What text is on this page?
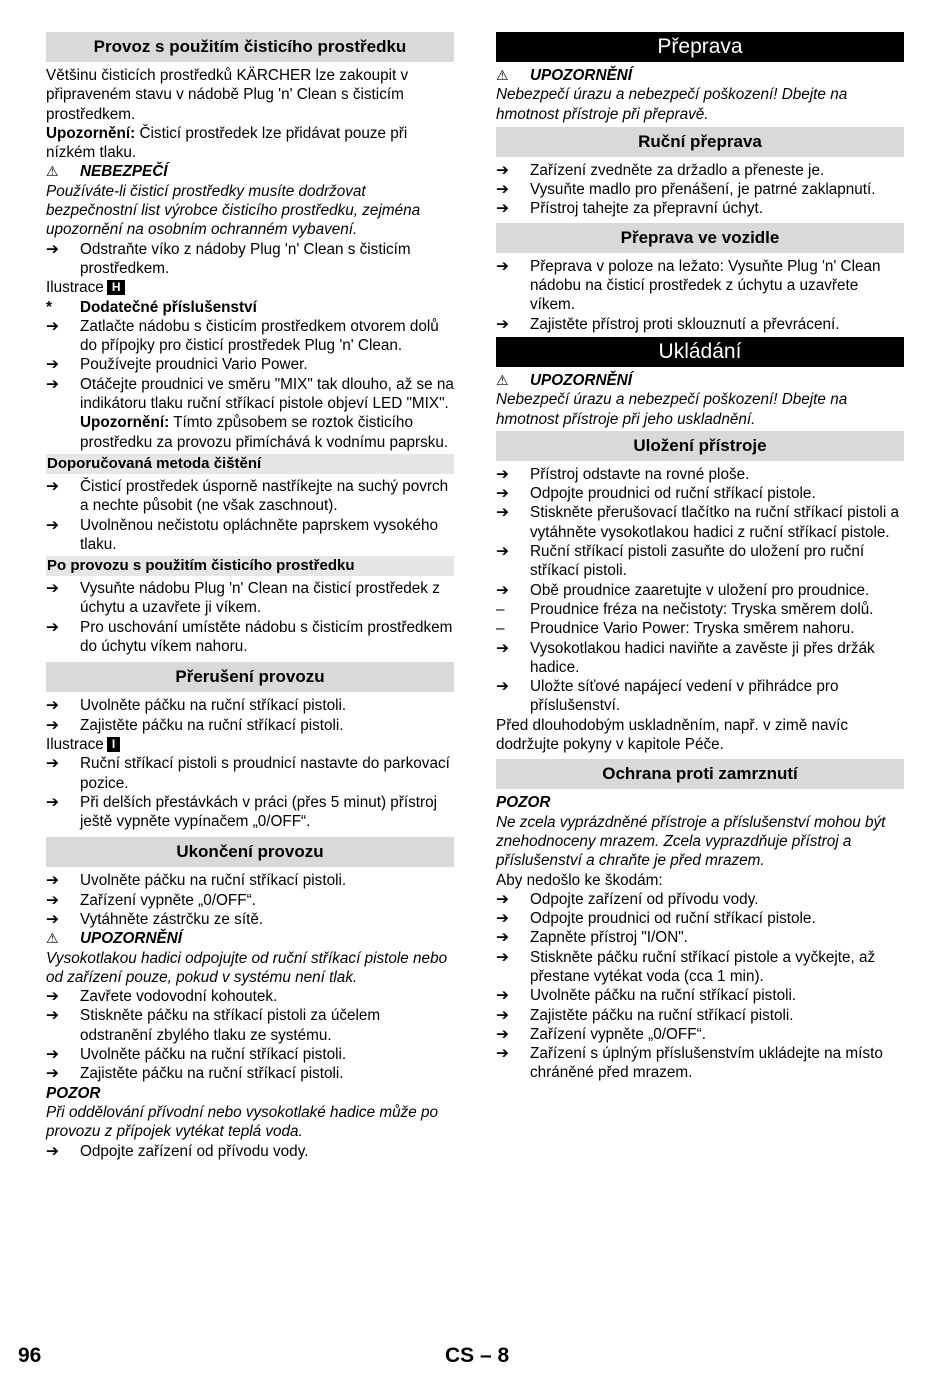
Provoz s použitím čisticího prostředku

Většinu čisticích prostředků KÄRCHER lze zakoupit v připraveném stavu v nádobě Plug 'n' Clean s čisticím prostředkem.

Upozornění: Čisticí prostředek lze přidávat pouze při nízkém tlaku.

⚠	NEBEZPEČÍ

Používáte-li čisticí prostředky musíte dodržovat bezpečnostní list výrobce čisticího prostředku, zejména upozornění na osobním ochranném vybavení.

➔	Odstraňte víko z nádoby Plug 'n' Clean s čisticím prostředkem.

Ilustrace H

*	Dodatečné příslušenství
➔	Zatlačte nádobu s čisticím prostředkem otvorem dolů do přípojky pro čisticí prostředek Plug 'n' Clean.
➔	Používejte proudnici Vario Power.
➔	Otáčejte proudnici ve směru "MIX" tak dlouho, až se na indikátoru tlaku ruční stříkací pistole objeví LED "MIX".

Upozornění: Tímto způsobem se roztok čisticího prostředku za provozu přimíchává k vodnímu paprsku.

Doporučovaná metoda čištění
➔	Čisticí prostředek úsporně nastříkejte na suchý povrch a nechte působit (ne však zaschnout).
➔	Uvolněnou nečistotu opláchněte paprskem vysokého tlaku.
Po provozu s použitím čisticího prostředku
➔	Vysuňte nádobu Plug 'n' Clean na čisticí prostředek z úchytu a uzavřete ji víkem.
➔	Pro uschování umístěte nádobu s čisticím prostředkem do úchytu víkem nahoru.
Přerušení provozu
➔	Uvolněte páčku na ruční stříkací pistoli.
➔	Zajistěte páčku na ruční stříkací pistoli.

Ilustrace I

➔	Ruční stříkací pistoli s proudnicí nastavte do parkovací pozice.
➔	Při delších přestávkách v práci (přes 5 minut) přístroj ještě vypněte vypínačem „0/OFF“.
Ukončení provozu
➔	Uvolněte páčku na ruční stříkací pistoli.
➔	Zařízení vypněte „0/OFF“.
➔	Vytáhněte zástrčku ze sítě.
⚠	UPOZORNĚNÍ

Vysokotlakou hadici odpojujte od ruční stříkací pistole nebo od zařízení pouze, pokud v systému není tlak.

➔	Zavřete vodovodní kohoutek.
➔	Stiskněte páčku na stříkací pistoli za účelem odstranění zbylého tlaku ze systému.
➔	Uvolněte páčku na ruční stříkací pistoli.
➔	Zajistěte páčku na ruční stříkací pistoli.

POZOR

Při oddělování přívodní nebo vysokotlaké hadice může po provozu z přípojek vytékat teplá voda.

➔	Odpojte zařízení od přívodu vody.
Přeprava
⚠	UPOZORNĚNÍ

Nebezpečí úrazu a nebezpečí poškození! Dbejte na hmotnost přístroje při přepravě.

Ruční přeprava
➔	Zařízení zvedněte za držadlo a přeneste je.
➔	Vysuňte madlo pro přenášení, je patrné zaklapnutí.
➔	Přístroj tahejte za přepravní úchyt.
Přeprava ve vozidle
➔	Přeprava v poloze na ležato: Vysuňte Plug 'n' Clean nádobu na čisticí prostředek z úchytu a uzavřete víkem.
➔	Zajistěte přístroj proti sklouznutí a převrácení.
Ukládání
⚠	UPOZORNĚNÍ

Nebezpečí úrazu a nebezpečí poškození! Dbejte na hmotnost přístroje při jeho uskladnění.

Uložení přístroje
➔	Přístroj odstavte na rovné ploše.
➔	Odpojte proudnici od ruční stříkací pistole.
➔	Stiskněte přerušovací tlačítko na ruční stříkací pistoli a vytáhněte vysokotlakou hadici z ruční stříkací pistole.
➔	Ruční stříkací pistoli zasuňte do uložení pro ruční stříkací pistoli.
➔	Obě proudnice zaaretujte v uložení pro proudnice.
–	Proudnice fréza na nečistoty: Tryska směrem dolů.
–	Proudnice Vario Power: Tryska směrem nahoru.
➔	Vysokotlakou hadici naviňte a zavěste ji přes držák hadice.
➔	Uložte síťové napájecí vedení v přihrádce pro příslušenství.

Před dlouhodobým uskladněním, např. v zimě navíc dodržujte pokyny v kapitole Péče.

Ochrana proti zamrznutí

POZOR

Ne zcela vyprázdněné přístroje a příslušenství mohou být znehodnoceny mrazem. Zcela vyprazdňuje přístroj a příslušenství a chraňte je před mrazem.

Aby nedošlo ke škodám:

➔	Odpojte zařízení od přívodu vody.
➔	Odpojte proudnici od ruční stříkací pistole.
➔	Zapněte přístroj "I/ON".
➔	Stiskněte páčku ruční stříkací pistole a vyčkejte, až přestane vytékat voda (cca 1 min).
➔	Uvolněte páčku na ruční stříkací pistoli.
➔	Zajistěte páčku na ruční stříkací pistoli.
➔	Zařízení vypněte „0/OFF“.
➔	Zařízení s úplným příslušenstvím ukládejte na místo chráněné před mrazem.
96	CS – 8
